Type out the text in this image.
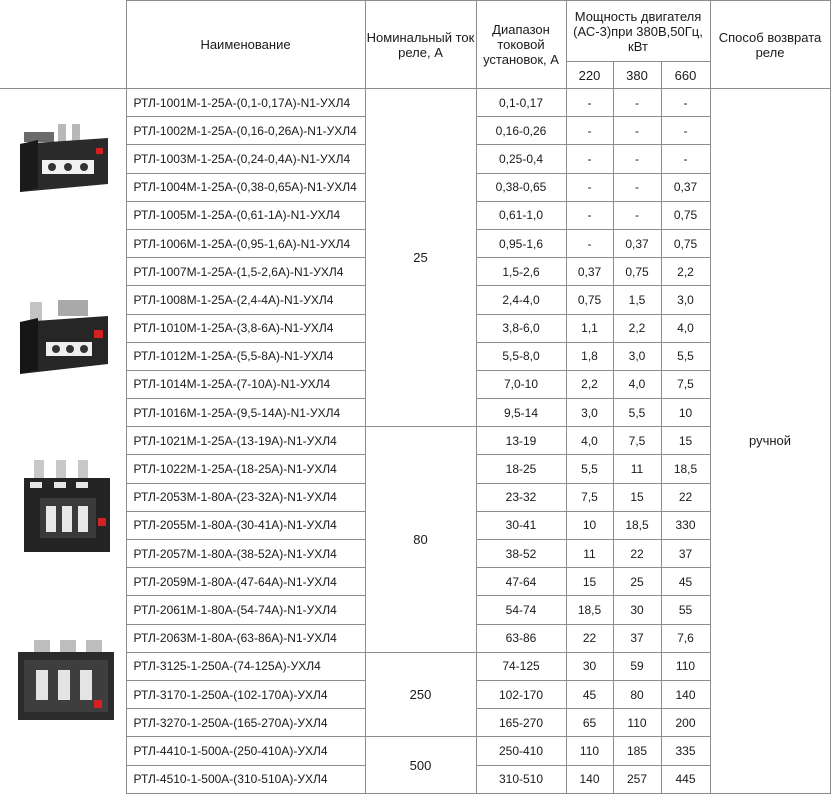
	Наименование	Номинальный ток реле, А	Диапазон токовой установок, А	Мощность двигателя (АС-3)при 380В,50Гц, кВт			Способ возврата реле
				220	380	660	
	РТЛ-1001М-1-25А-(0,1-0,17А)-N1-УХЛ4	25	0,1-0,17	-	-	-	ручной
	РТЛ-1002М-1-25А-(0,16-0,26А)-N1-УХЛ4		0,16-0,26	-	-	-	
	РТЛ-1003М-1-25А-(0,24-0,4А)-N1-УХЛ4		0,25-0,4	-	-	-	
	РТЛ-1004М-1-25А-(0,38-0,65А)-N1-УХЛ4		0,38-0,65	-	-	0,37	
	РТЛ-1005М-1-25А-(0,61-1А)-N1-УХЛ4		0,61-1,0	-	-	0,75	
	РТЛ-1006М-1-25А-(0,95-1,6А)-N1-УХЛ4		0,95-1,6	-	0,37	0,75	
	РТЛ-1007М-1-25А-(1,5-2,6А)-N1-УХЛ4		1,5-2,6	0,37	0,75	2,2	
	РТЛ-1008М-1-25А-(2,4-4А)-N1-УХЛ4		2,4-4,0	0,75	1,5	3,0	
	РТЛ-1010М-1-25А-(3,8-6А)-N1-УХЛ4		3,8-6,0	1,1	2,2	4,0	
	РТЛ-1012М-1-25А-(5,5-8А)-N1-УХЛ4		5,5-8,0	1,8	3,0	5,5	
	РТЛ-1014М-1-25А-(7-10А)-N1-УХЛ4		7,0-10	2,2	4,0	7,5	
	РТЛ-1016М-1-25А-(9,5-14А)-N1-УХЛ4		9,5-14	3,0	5,5	10	
	РТЛ-1021М-1-25А-(13-19А)-N1-УХЛ4	80	13-19	4,0	7,5	15	
	РТЛ-1022М-1-25А-(18-25А)-N1-УХЛ4		18-25	5,5	11	18,5	
	РТЛ-2053М-1-80А-(23-32А)-N1-УХЛ4		23-32	7,5	15	22	
	РТЛ-2055М-1-80А-(30-41А)-N1-УХЛ4		30-41	10	18,5	330	
	РТЛ-2057М-1-80А-(38-52А)-N1-УХЛ4		38-52	11	22	37	
	РТЛ-2059М-1-80А-(47-64А)-N1-УХЛ4		47-64	15	25	45	
	РТЛ-2061М-1-80А-(54-74А)-N1-УХЛ4		54-74	18,5	30	55	
	РТЛ-2063М-1-80А-(63-86А)-N1-УХЛ4		63-86	22	37	7,6	
	РТЛ-3125-1-250А-(74-125А)-УХЛ4	250	74-125	30	59	110	
	РТЛ-3170-1-250А-(102-170А)-УХЛ4		102-170	45	80	140	
	РТЛ-3270-1-250А-(165-270А)-УХЛ4		165-270	65	110	200	
	РТЛ-4410-1-500А-(250-410А)-УХЛ4	500	250-410	110	185	335	
	РТЛ-4510-1-500А-(310-510А)-УХЛ4		310-510	140	257	445	
